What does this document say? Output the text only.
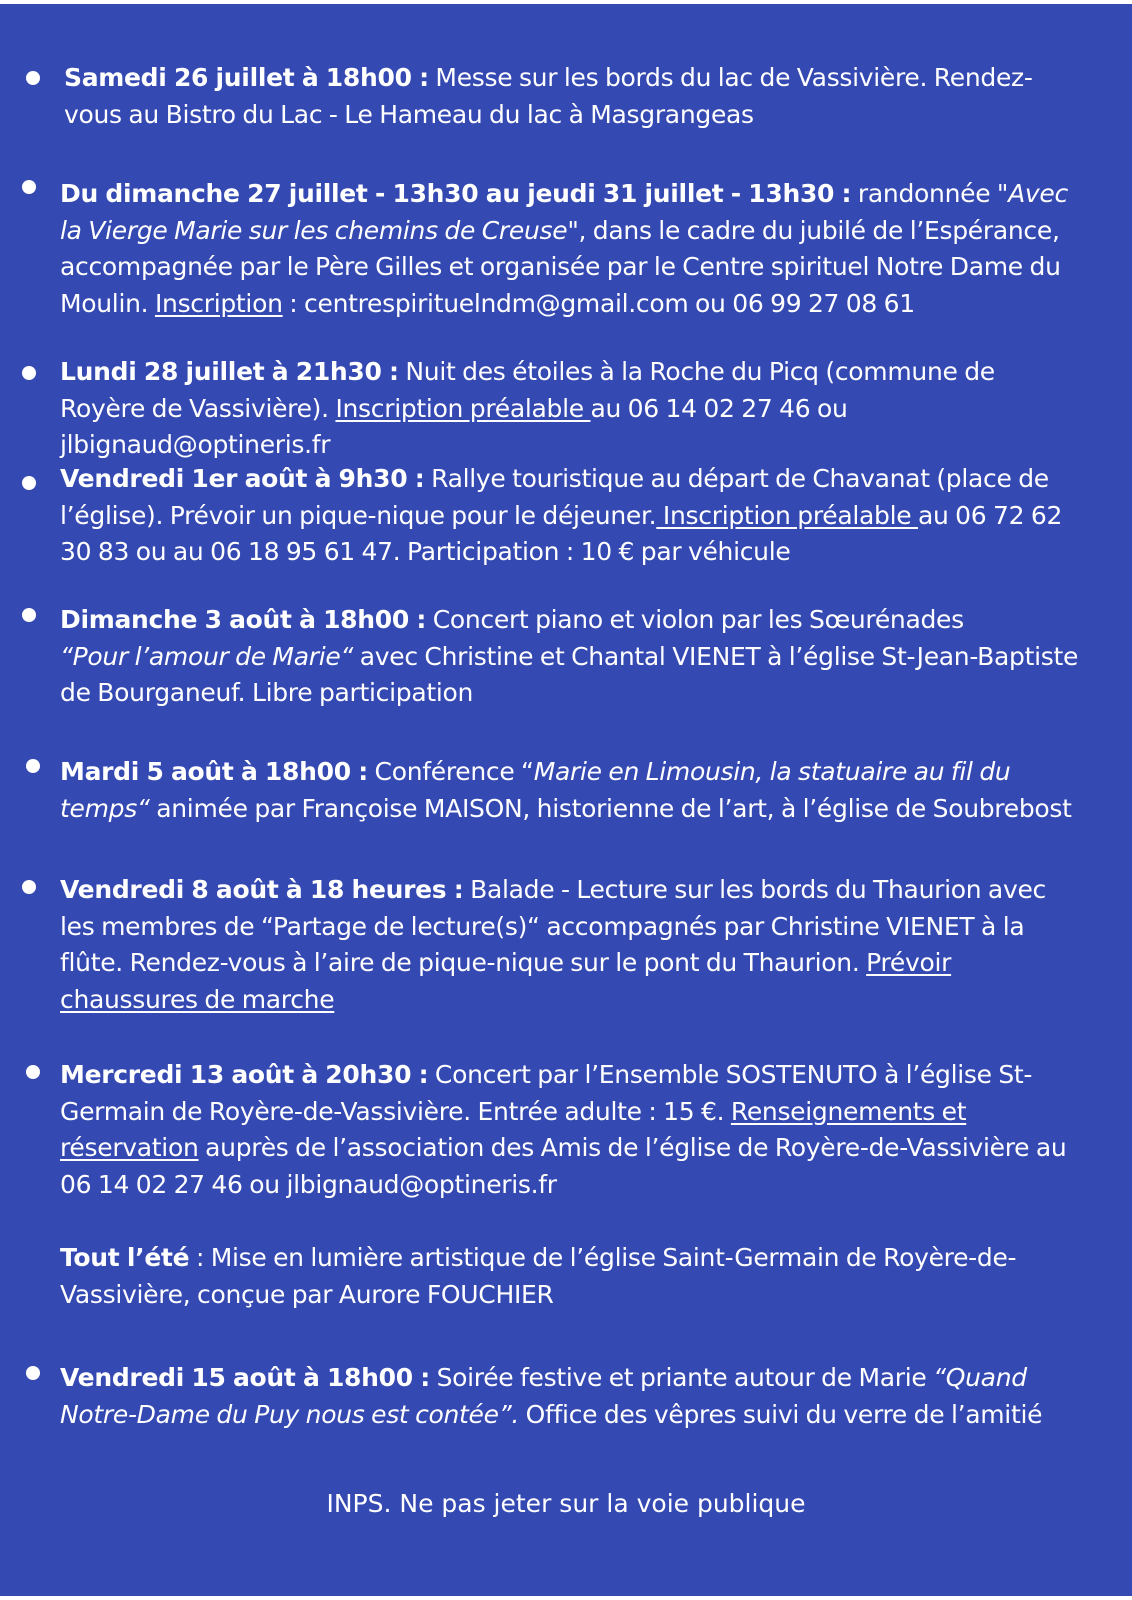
Samedi 26 juillet à 18h00 : Messe sur les bords du lac de Vassivière. Rendez-vous au Bistro du Lac - Le Hameau du lac à Masgrangeas
Du dimanche 27 juillet - 13h30 au jeudi 31 juillet - 13h30 : randonnée "Avec la Vierge Marie sur les chemins de Creuse", dans le cadre du jubilé de l’Espérance, accompagnée par le Père Gilles et organisée par le Centre spirituel Notre Dame du Moulin. Inscription : centrespirituelndm@gmail.com ou 06 99 27 08 61
Lundi 28 juillet à 21h30 : Nuit des étoiles à la Roche du Picq (commune de Royère de Vassivière). Inscription préalable au 06 14 02 27 46 ou jlbignaud@optineris.fr
Vendredi 1er août à 9h30 : Rallye touristique au départ de Chavanat (place de l’église). Prévoir un pique-nique pour le déjeuner. Inscription préalable au 06 72 62 30 83 ou au 06 18 95 61 47. Participation : 10 € par véhicule
Dimanche 3 août à 18h00 : Concert piano et violon par les Sœurénades
“Pour l’amour de Marie“ avec Christine et Chantal VIENET à l’église St-Jean-Baptiste de Bourganeuf. Libre participation
Mardi 5 août à 18h00 : Conférence “Marie en Limousin, la statuaire au fil du temps“ animée par Françoise MAISON, historienne de l’art, à l’église de Soubrebost
Vendredi 8 août à 18 heures : Balade - Lecture sur les bords du Thaurion avec les membres de “Partage de lecture(s)“ accompagnés par Christine VIENET à la flûte. Rendez-vous à l’aire de pique-nique sur le pont du Thaurion. Prévoir chaussures de marche
Mercredi 13 août à 20h30 : Concert par l’Ensemble SOSTENUTO à l’église St-Germain de Royère-de-Vassivière. Entrée adulte : 15 €. Renseignements et réservation auprès de l’association des Amis de l’église de Royère-de-Vassivière au 06 14 02 27 46 ou jlbignaud@optineris.fr
Tout l’été : Mise en lumière artistique de l’église Saint-Germain de Royère-de-Vassivière, conçue par Aurore FOUCHIER
Vendredi 15 août à 18h00 : Soirée festive et priante autour de Marie “Quand Notre-Dame du Puy nous est contée”. Office des vêpres suivi du verre de l’amitié
INPS. Ne pas jeter sur la voie publique
